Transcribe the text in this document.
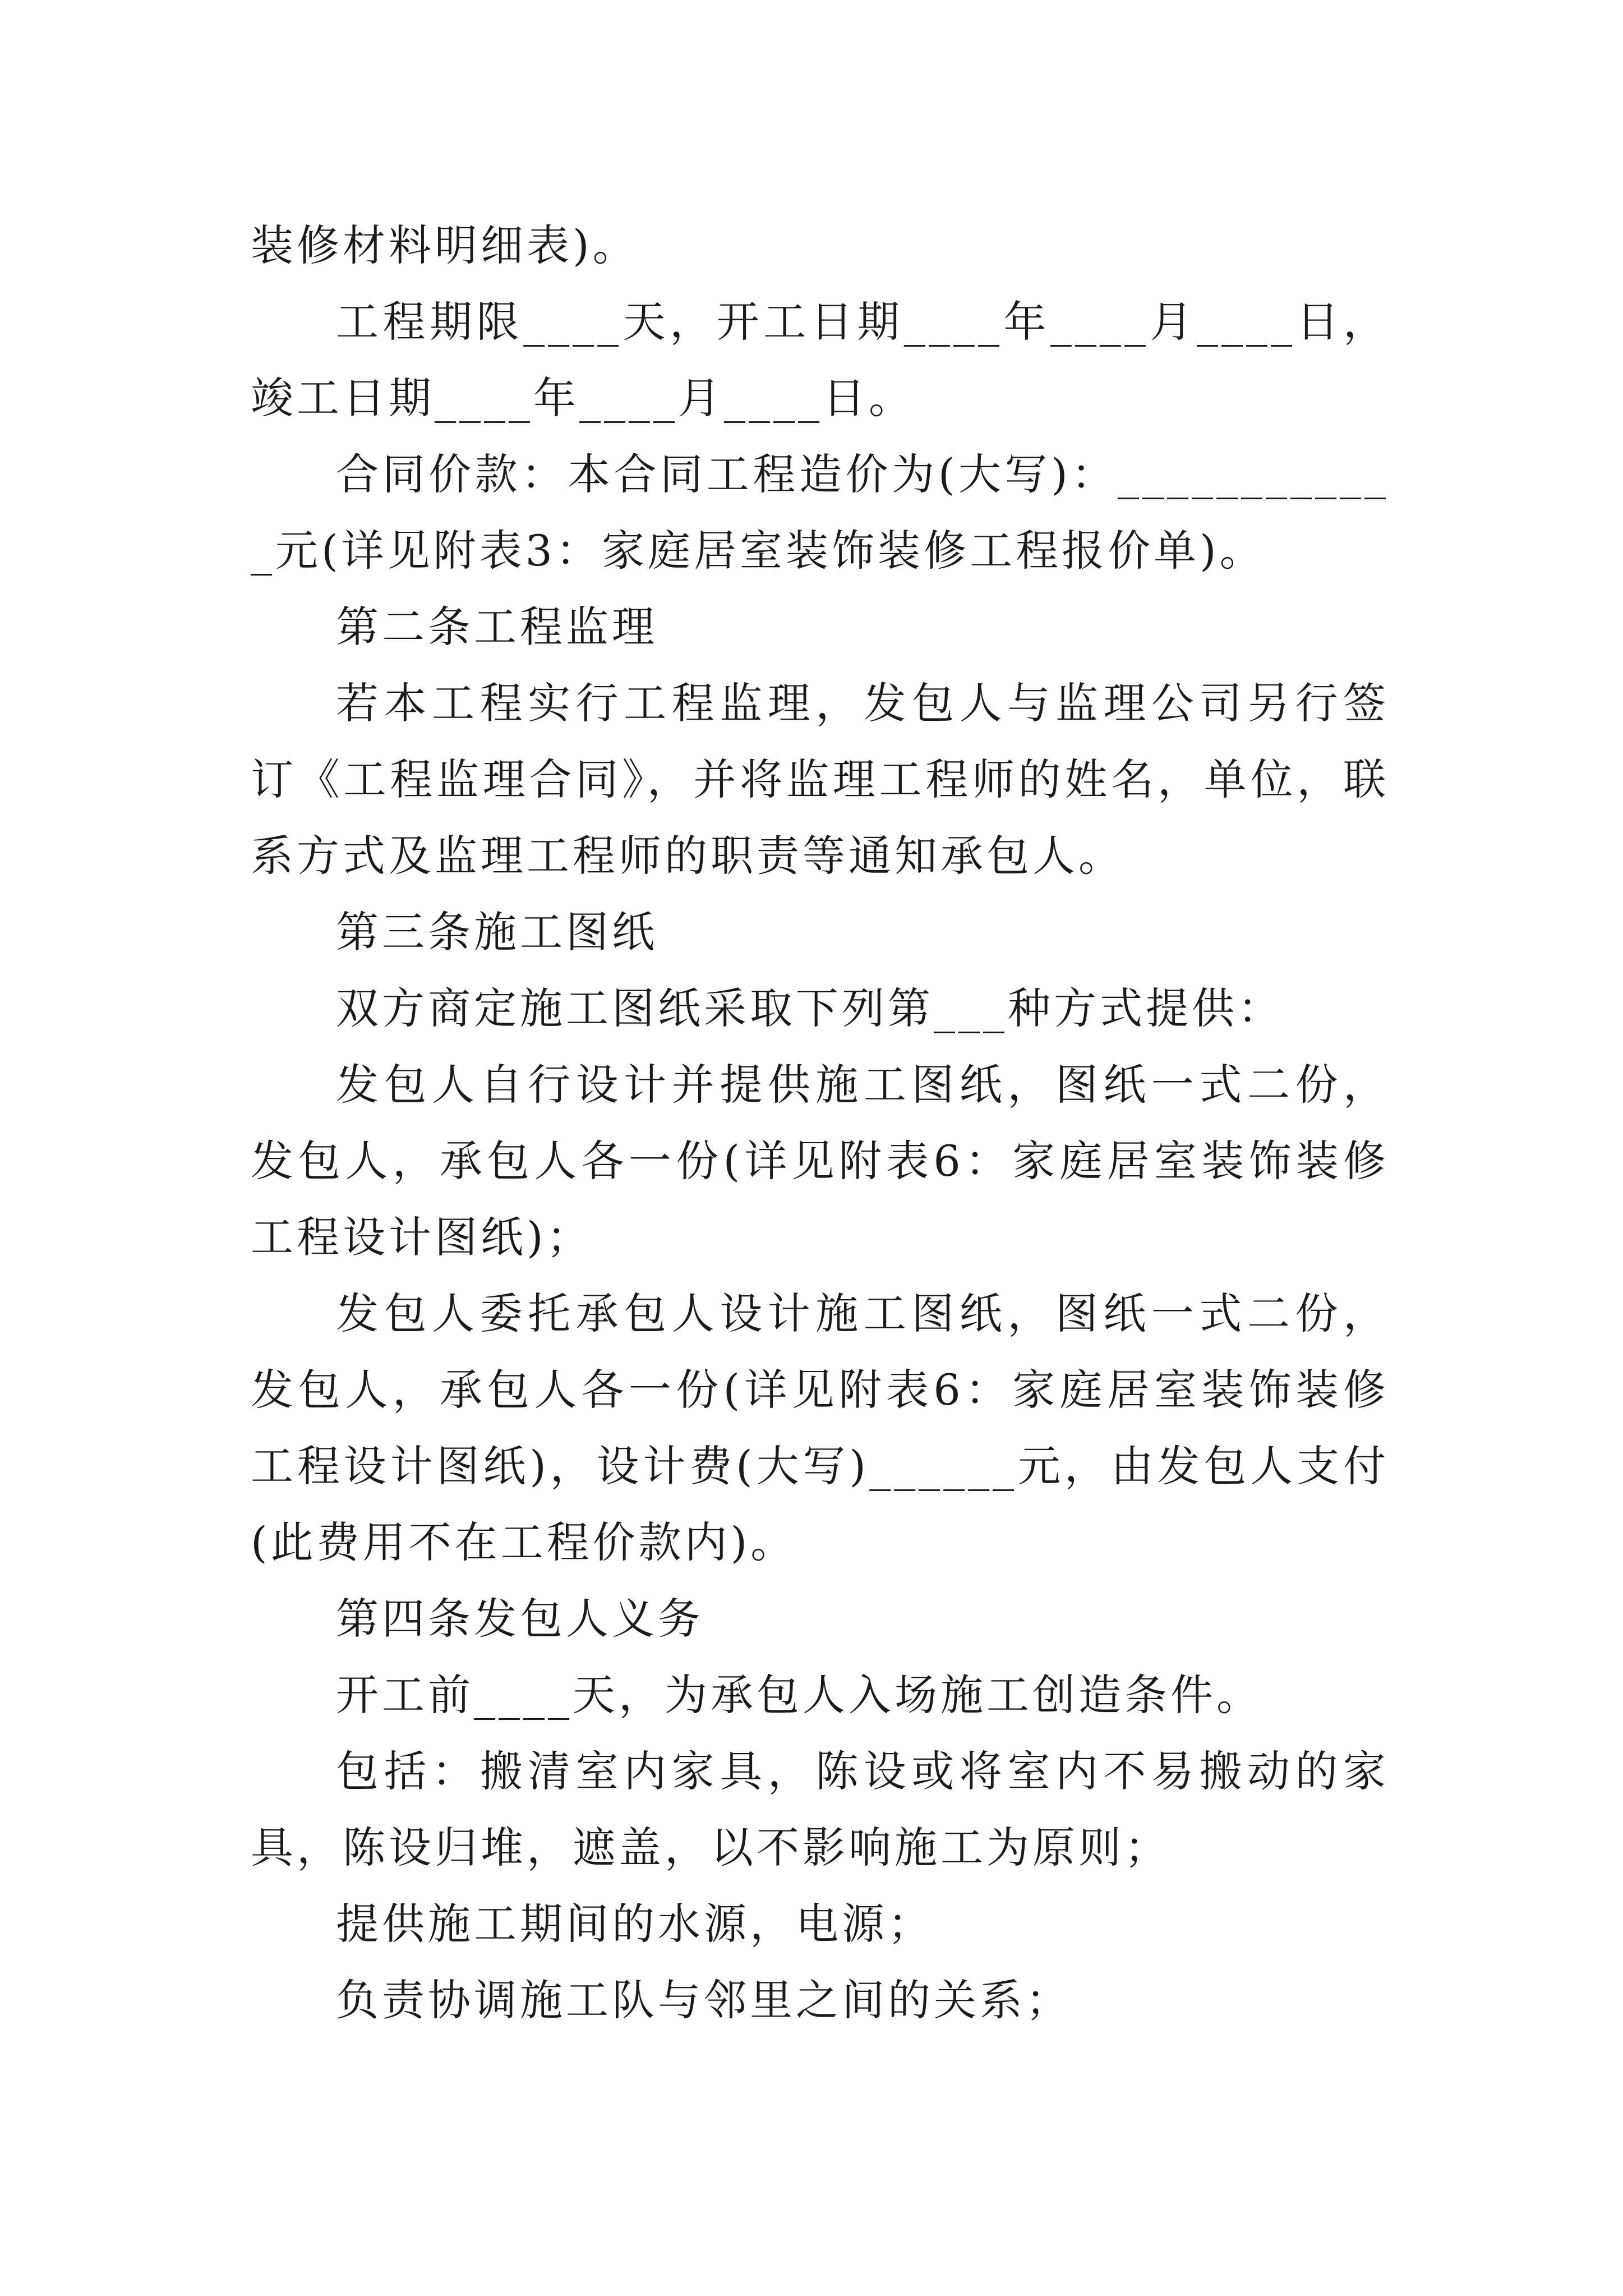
装修材料明细表)。

工程期限____天，开工日期____年____月____日，竣工日期____年____月____日。

合同价款：本合同工程造价为(大写)：____________元(详见附表3：家庭居室装饰装修工程报价单)。

第二条工程监理

若本工程实行工程监理，发包人与监理公司另行签订《工程监理合同》，并将监理工程师的姓名，单位，联系方式及监理工程师的职责等通知承包人。

第三条施工图纸

双方商定施工图纸采取下列第___种方式提供：

发包人自行设计并提供施工图纸，图纸一式二份，发包人，承包人各一份(详见附表6：家庭居室装饰装修工程设计图纸)；

发包人委托承包人设计施工图纸，图纸一式二份，发包人，承包人各一份(详见附表6：家庭居室装饰装修工程设计图纸)，设计费(大写)______元，由发包人支付(此费用不在工程价款内)。

第四条发包人义务

开工前____天，为承包人入场施工创造条件。

包括：搬清室内家具，陈设或将室内不易搬动的家具，陈设归堆，遮盖，以不影响施工为原则；

提供施工期间的水源，电源；

负责协调施工队与邻里之间的关系；
